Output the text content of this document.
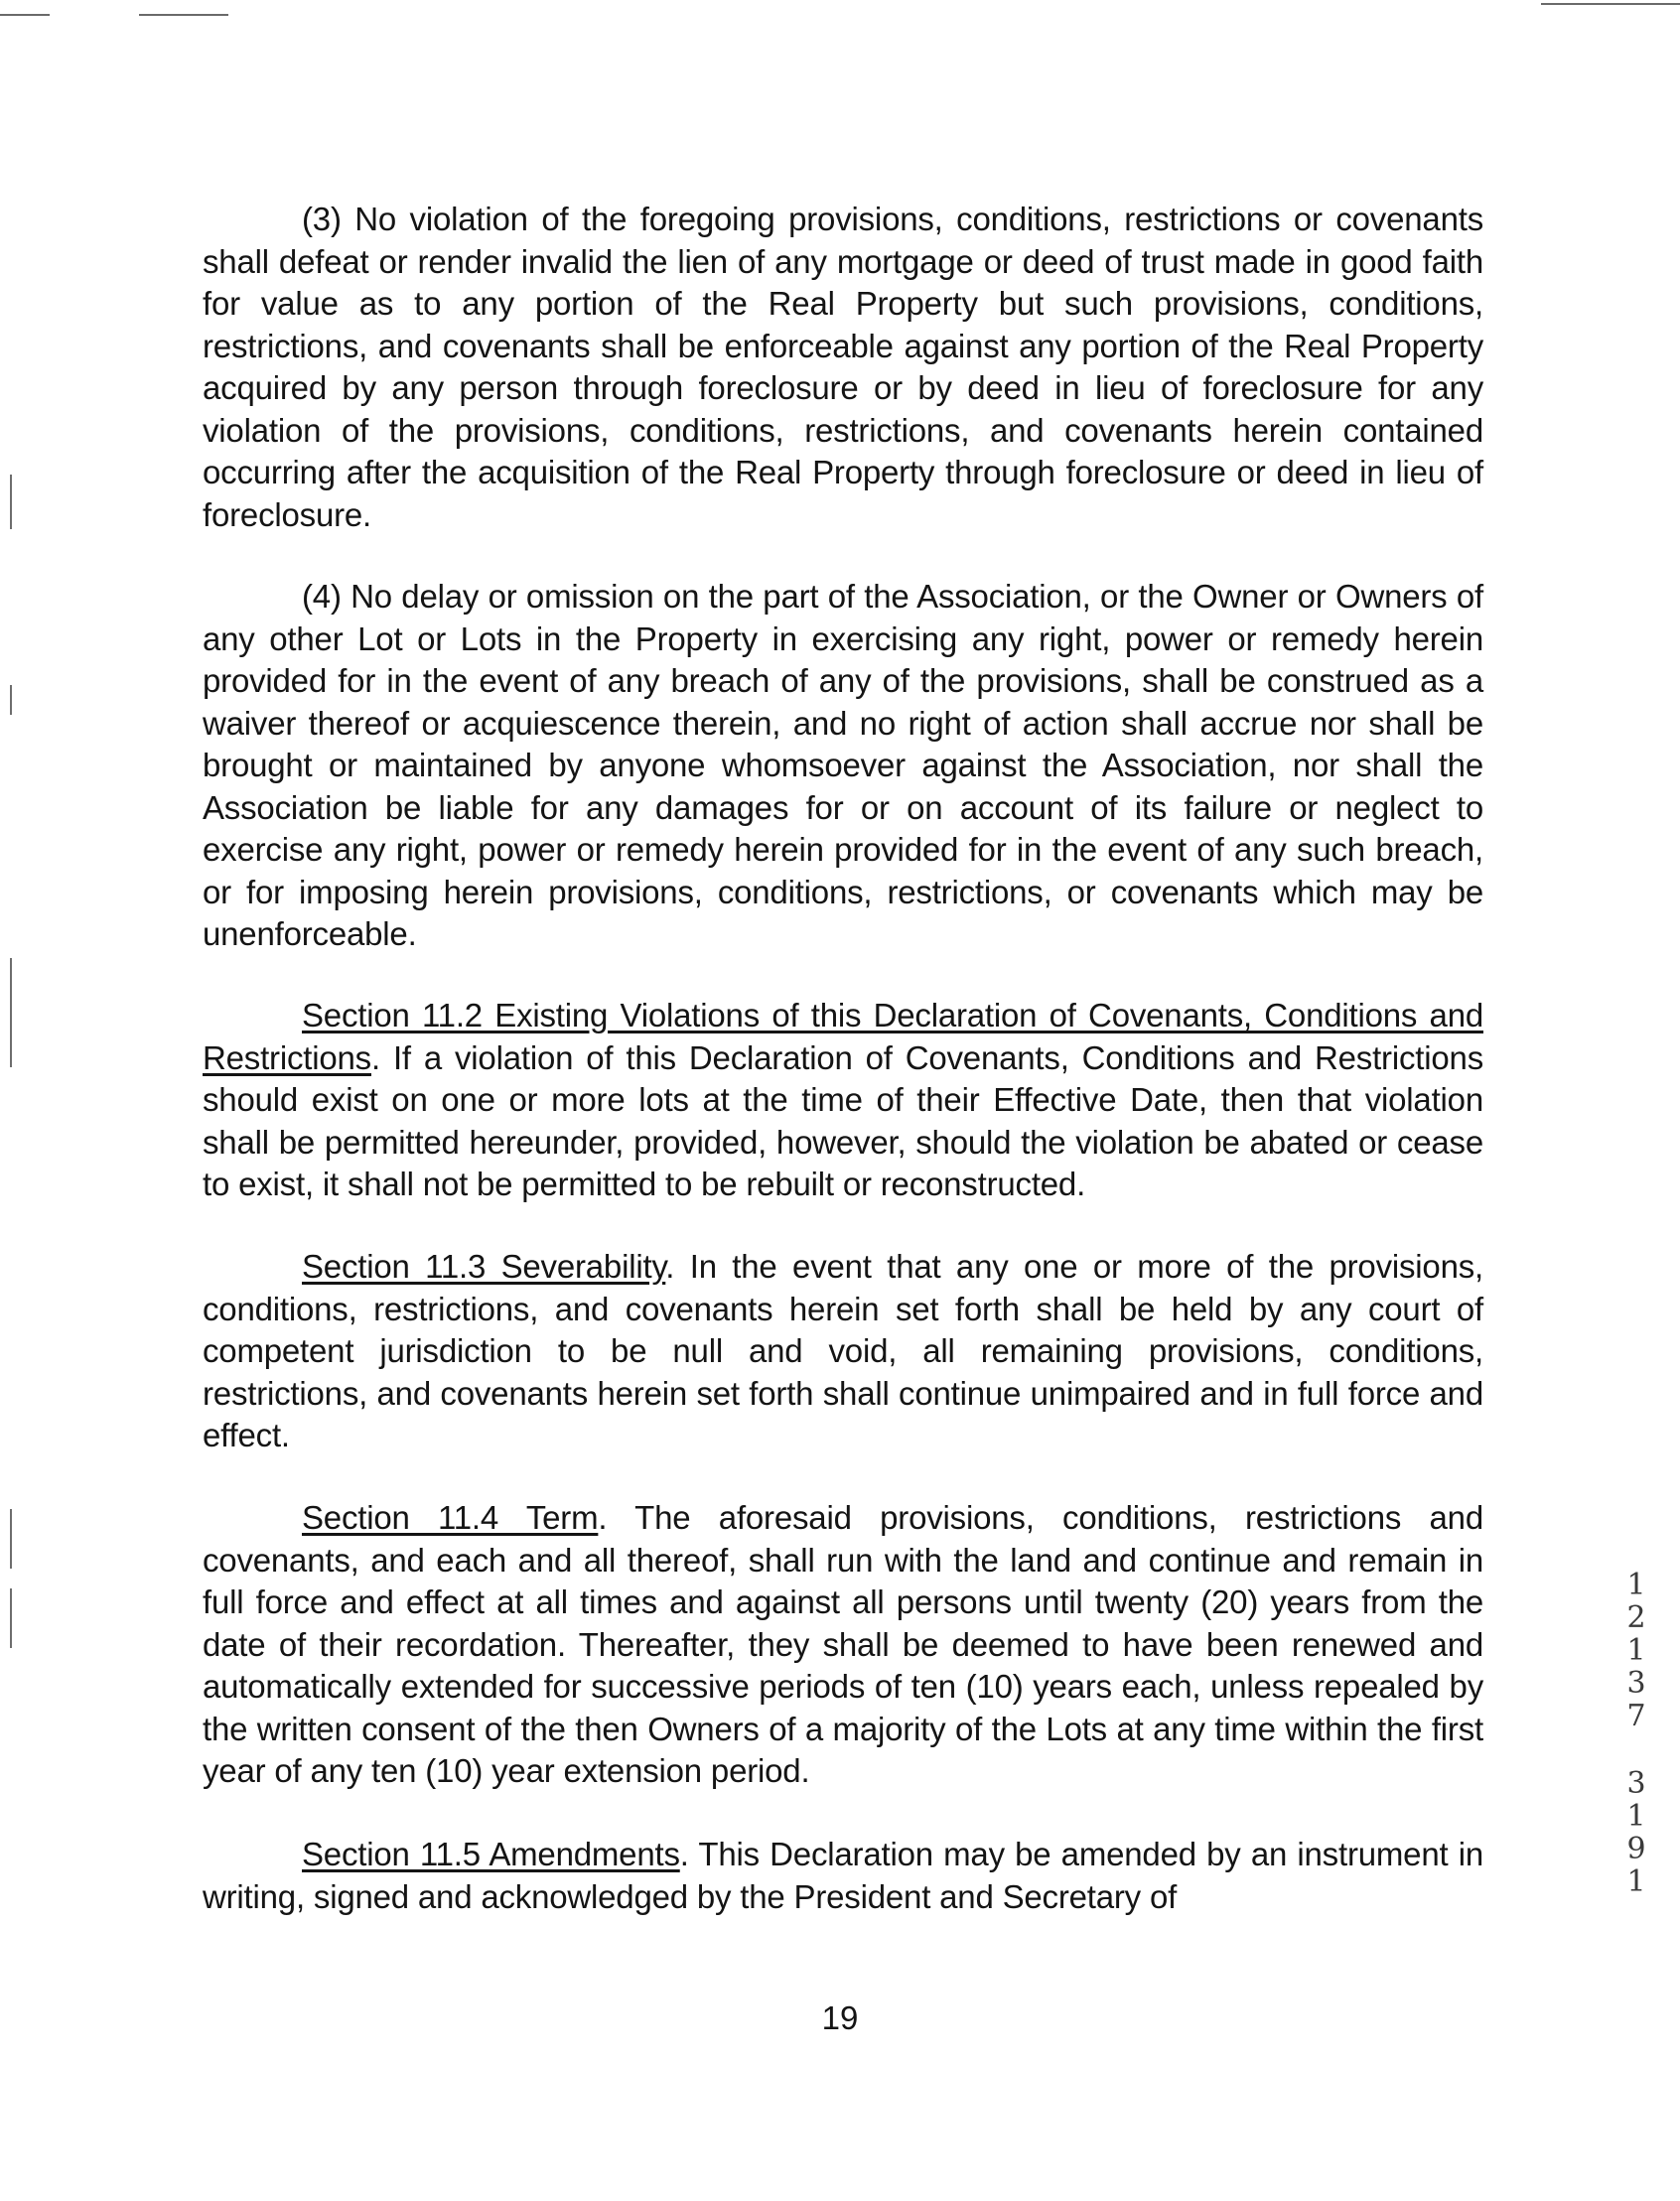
(3) No violation of the foregoing provisions, conditions, restrictions or covenants shall defeat or render invalid the lien of any mortgage or deed of trust made in good faith for value as to any portion of the Real Property but such provisions, conditions, restrictions, and covenants shall be enforceable against any portion of the Real Property acquired by any person through foreclosure or by deed in lieu of foreclosure for any violation of the provisions, conditions, restrictions, and covenants herein contained occurring after the acquisition of the Real Property through foreclosure or deed in lieu of foreclosure.

(4) No delay or omission on the part of the Association, or the Owner or Owners of any other Lot or Lots in the Property in exercising any right, power or remedy herein provided for in the event of any breach of any of the provisions, shall be construed as a waiver thereof or acquiescence therein, and no right of action shall accrue nor shall be brought or maintained by anyone whomsoever against the Association, nor shall the Association be liable for any damages for or on account of its failure or neglect to exercise any right, power or remedy herein provided for in the event of any such breach, or for imposing herein provisions, conditions, restrictions, or covenants which may be unenforceable.

Section 11.2 Existing Violations of this Declaration of Covenants, Conditions and Restrictions. If a violation of this Declaration of Covenants, Conditions and Restrictions should exist on one or more lots at the time of their Effective Date, then that violation shall be permitted hereunder, provided, however, should the violation be abated or cease to exist, it shall not be permitted to be rebuilt or reconstructed.

Section 11.3 Severability. In the event that any one or more of the provisions, conditions, restrictions, and covenants herein set forth shall be held by any court of competent jurisdiction to be null and void, all remaining provisions, conditions, restrictions, and covenants herein set forth shall continue unimpaired and in full force and effect.

Section 11.4 Term. The aforesaid provisions, conditions, restrictions and covenants, and each and all thereof, shall run with the land and continue and remain in full force and effect at all times and against all persons until twenty (20) years from the date of their recordation. Thereafter, they shall be deemed to have been renewed and automatically extended for successive periods of ten (10) years each, unless repealed by the written consent of the then Owners of a majority of the Lots at any time within the first year of any ten (10) year extension period.

Section 11.5 Amendments. This Declaration may be amended by an instrument in writing, signed and acknowledged by the President and Secretary of

19
1
2
1
3
7
3
1
9
1
